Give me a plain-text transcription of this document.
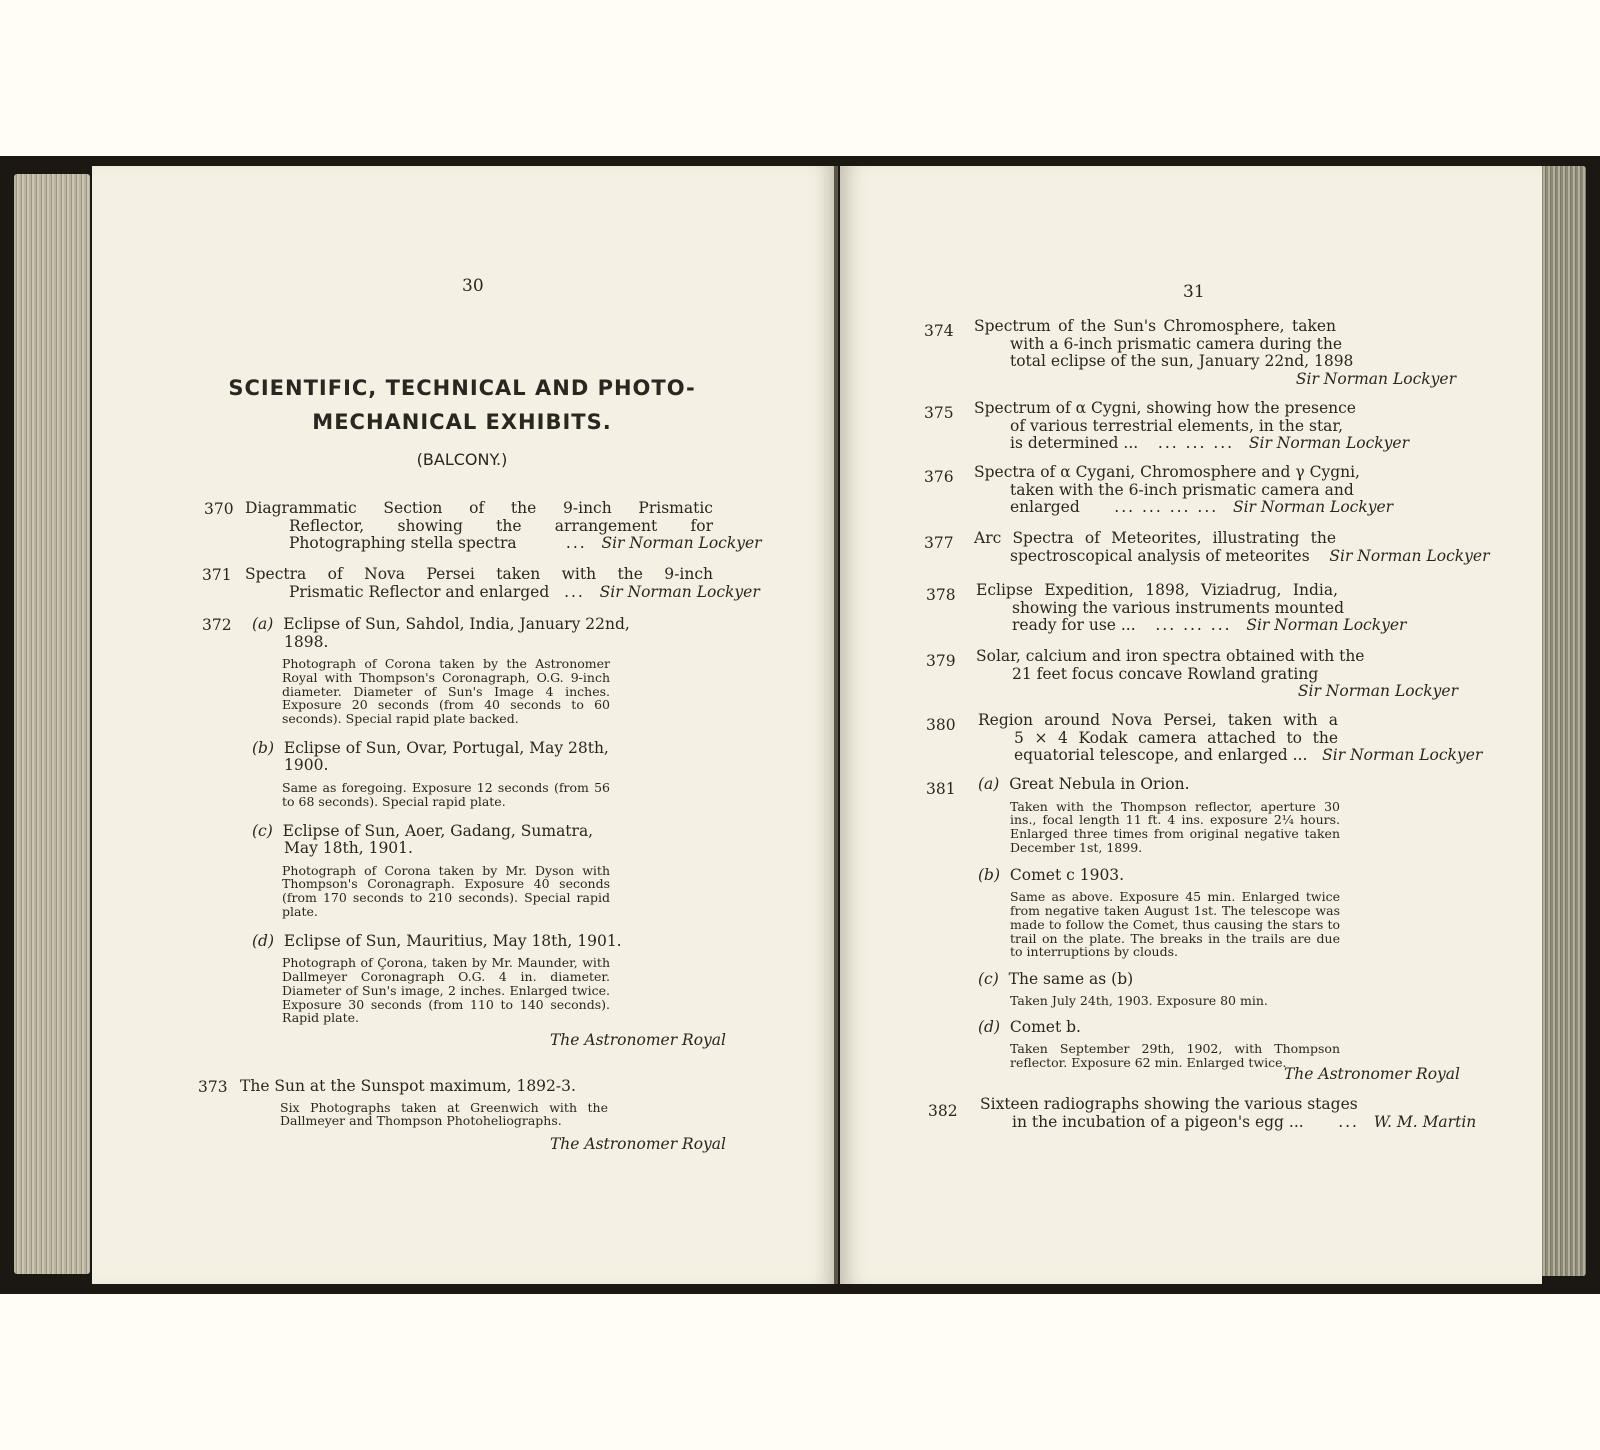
30
SCIENTIFIC, TECHNICAL AND PHOTO-
MECHANICAL EXHIBITS.
(BALCONY.)
370 Diagrammatic Section of the 9-inch Prismatic
Reflector, showing the arrangement for
Photographing stella spectra	... Sir Norman Lockyer
371 Spectra of Nova Persei taken with the 9-inch
Prismatic Reflector and enlarged ... Sir Norman Lockyer
372 (a) Eclipse of Sun, Sahdol, India, January 22nd,
1898.
Photograph of Corona taken by the Astronomer Royal with Thompson's Coronagraph, O.G. 9-inch diameter. Diameter of Sun's Image 4 inches. Exposure 20 seconds (from 40 seconds to 60 seconds). Special rapid plate backed.
(b) Eclipse of Sun, Ovar, Portugal, May 28th,
1900.
Same as foregoing. Exposure 12 seconds (from 56 to 68 seconds). Special rapid plate.
(c) Eclipse of Sun, Aoer, Gadang, Sumatra,
May 18th, 1901.
Photograph of Corona taken by Mr. Dyson with Thompson's Coronagraph. Exposure 40 seconds (from 170 seconds to 210 seconds). Special rapid plate.
(d) Eclipse of Sun, Mauritius, May 18th, 1901.
Photograph of Çorona, taken by Mr. Maunder, with Dallmeyer Coronagraph O.G. 4 in. diameter. Diameter of Sun's image, 2 inches. Enlarged twice. Exposure 30 seconds (from 110 to 140 seconds). Rapid plate.
The Astronomer Royal
373 The Sun at the Sunspot maximum, 1892-3.
Six Photographs taken at Greenwich with the Dallmeyer and Thompson Photoheliographs.
The Astronomer Royal
31
374 Spectrum of the Sun's Chromosphere, taken
with a 6-inch prismatic camera during the
total eclipse of the sun, January 22nd, 1898
Sir Norman Lockyer
375 Spectrum of α Cygni, showing how the presence
of various terrestrial elements, in the star,
is determined ... ... ... ... Sir Norman Lockyer
376 Spectra of α Cygani, Chromosphere and γ Cygni,
taken with the 6-inch prismatic camera and
enlarged ... ... ... ... Sir Norman Lockyer
377 Arc Spectra of Meteorites, illustrating the
spectroscopical analysis of meteorites Sir Norman Lockyer
378 Eclipse Expedition, 1898, Viziadrug, India,
showing the various instruments mounted
ready for use ... ... ... ... Sir Norman Lockyer
379 Solar, calcium and iron spectra obtained with the
21 feet focus concave Rowland grating
Sir Norman Lockyer
380 Region around Nova Persei, taken with a
5 × 4 Kodak camera attached to the
equatorial telescope, and enlarged ... Sir Norman Lockyer
381 (a) Great Nebula in Orion.
Taken with the Thompson reflector, aperture 30 ins., focal length 11 ft. 4 ins. exposure 2¼ hours. Enlarged three times from original negative taken December 1st, 1899.
(b) Comet c 1903.
Same as above. Exposure 45 min. Enlarged twice from negative taken August 1st. The telescope was made to follow the Comet, thus causing the stars to trail on the plate. The breaks in the trails are due to interruptions by clouds.
(c) The same as (b)
Taken July 24th, 1903. Exposure 80 min.
(d) Comet b.
Taken September 29th, 1902, with Thompson reflector. Exposure 62 min. Enlarged twice.
The Astronomer Royal
382 Sixteen radiographs showing the various stages
in the incubation of a pigeon's egg ... ... W. M. Martin
